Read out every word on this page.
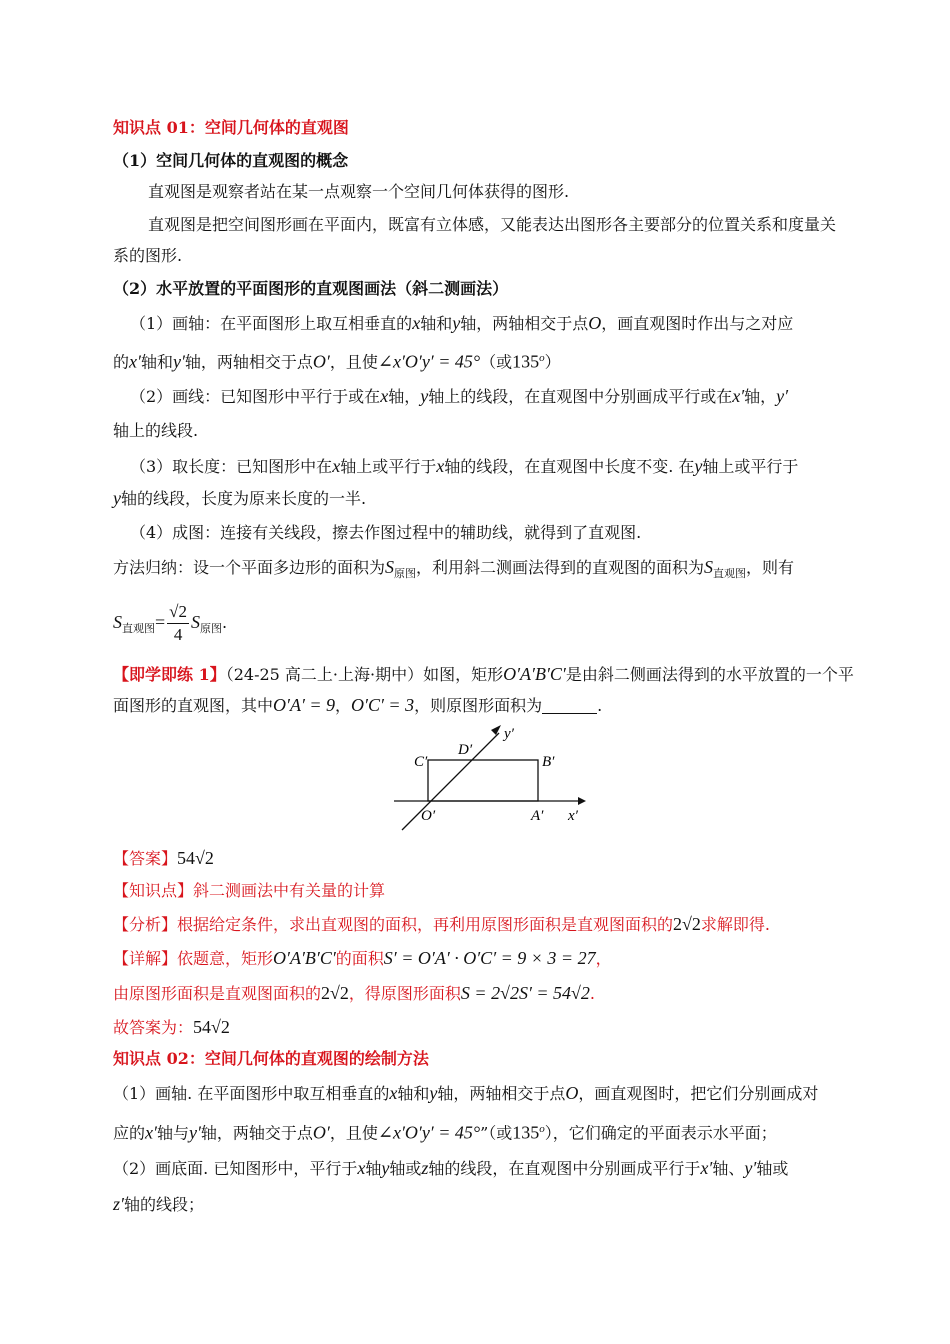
知识点 01：空间几何体的直观图
（1）空间几何体的直观图的概念
直观图是观察者站在某一点观察一个空间几何体获得的图形.
直观图是把空间图形画在平面内，既富有立体感，又能表达出图形各主要部分的位置关系和度量关
系的图形.
（2）水平放置的平面图形的直观图画法（斜二测画法）
（1）画轴：在平面图形上取互相垂直的x轴和y轴，两轴相交于点O，画直观图时作出与之对应
的x′轴和y′轴，两轴相交于点O′，且使∠x′O′y′ = 45°（或135$^o$）
（2）画线：已知图形中平行于或在x轴，y轴上的线段，在直观图中分别画成平行或在x′轴，y′
轴上的线段.
（3）取长度：已知图形中在x轴上或平行于x轴的线段，在直观图中长度不变. 在y轴上或平行于
y轴的线段，长度为原来长度的一半.
（4）成图：连接有关线段，擦去作图过程中的辅助线，就得到了直观图.
方法归纳：设一个平面多边形的面积为$S_{原图}$，利用斜二测画法得到的直观图的面积为$S_{直观图}$，则有
$S_{直观图}= \frac{√2}{4} S_{原图}$.
【即学即练 1】（24-25 高二上·上海·期中）如图，矩形O′A′B′C′是由斜二侧画法得到的水平放置的一个平
面图形的直观图，其中O′A′ = 9，O′C′ = 3，则原图形面积为	.
C′
D′
y′
B′
O′	A′ x′
【答案】54√2
【知识点】斜二测画法中有关量的计算
【分析】根据给定条件，求出直观图的面积，再利用原图形面积是直观图面积的2√2求解即得.
【详解】依题意，矩形O′A′B′C′的面积S′ = O′A′ · O′C′ = 9 × 3 = 27，
由原图形面积是直观图面积的2√2，得原图形面积S = 2√2S′ = 54√2.
故答案为：54√2
知识点 02：空间几何体的直观图的绘制方法
（1）画轴. 在平面图形中取互相垂直的x轴和y轴，两轴相交于点O，画直观图时，把它们分别画成对
应的x′轴与y′轴，两轴交于点O′，且使∠x′O′y′ = 45°”（或135$^o$），它们确定的平面表示水平面；
（2）画底面. 已知图形中，平行于x轴y轴或z轴的线段，在直观图中分别画成平行于x′轴、y′轴或
z′轴的线段；
